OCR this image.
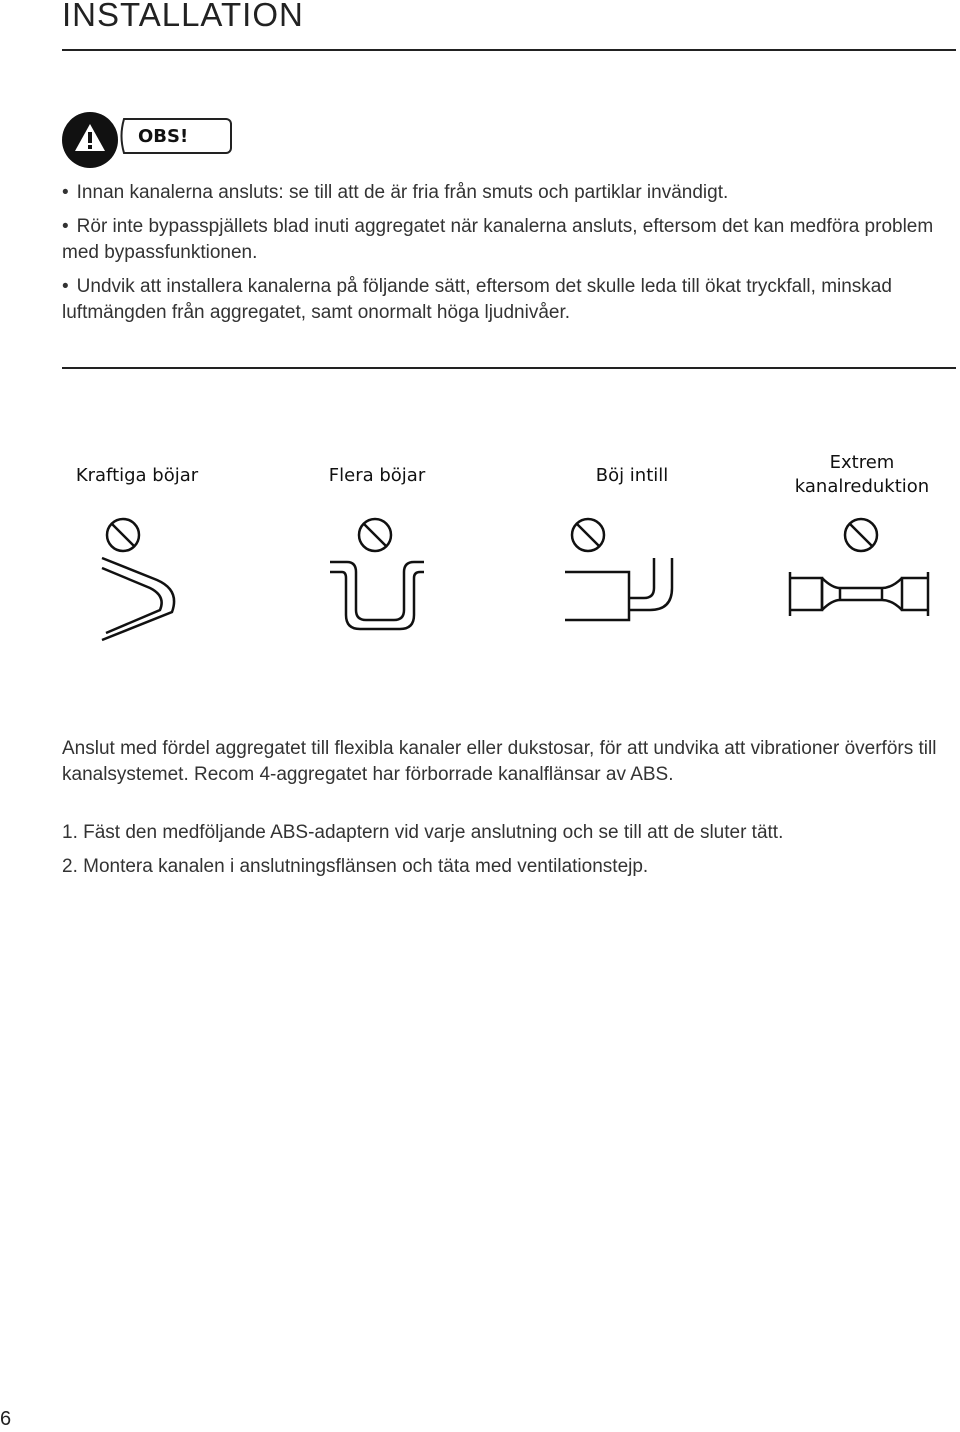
INSTALLATION
OBS!
• Innan kanalerna ansluts: se till att de är fria från smuts och partiklar invändigt.
• Rör inte bypasspjällets blad inuti aggregatet när kanalerna ansluts, eftersom det kan medföra problem med bypassfunktionen.
• Undvik att installera kanalerna på följande sätt, eftersom det skulle leda till ökat tryckfall, minskad luftmängden från aggregatet, samt onormalt höga ljudnivåer.
Kraftiga böjar	Flera böjar	Böj intill
Extrem
kanalreduktion

Anslut med fördel aggregatet till flexibla kanaler eller dukstosar, för att undvika att vibrationer överförs till kanalsystemet. Recom 4-aggregatet har förborrade kanalflänsar av ABS.

1. Fäst den medföljande ABS-adaptern vid varje anslutning och se till att de sluter tätt.
2. Montera kanalen i anslutningsflänsen och täta med ventilationstejp.
6
